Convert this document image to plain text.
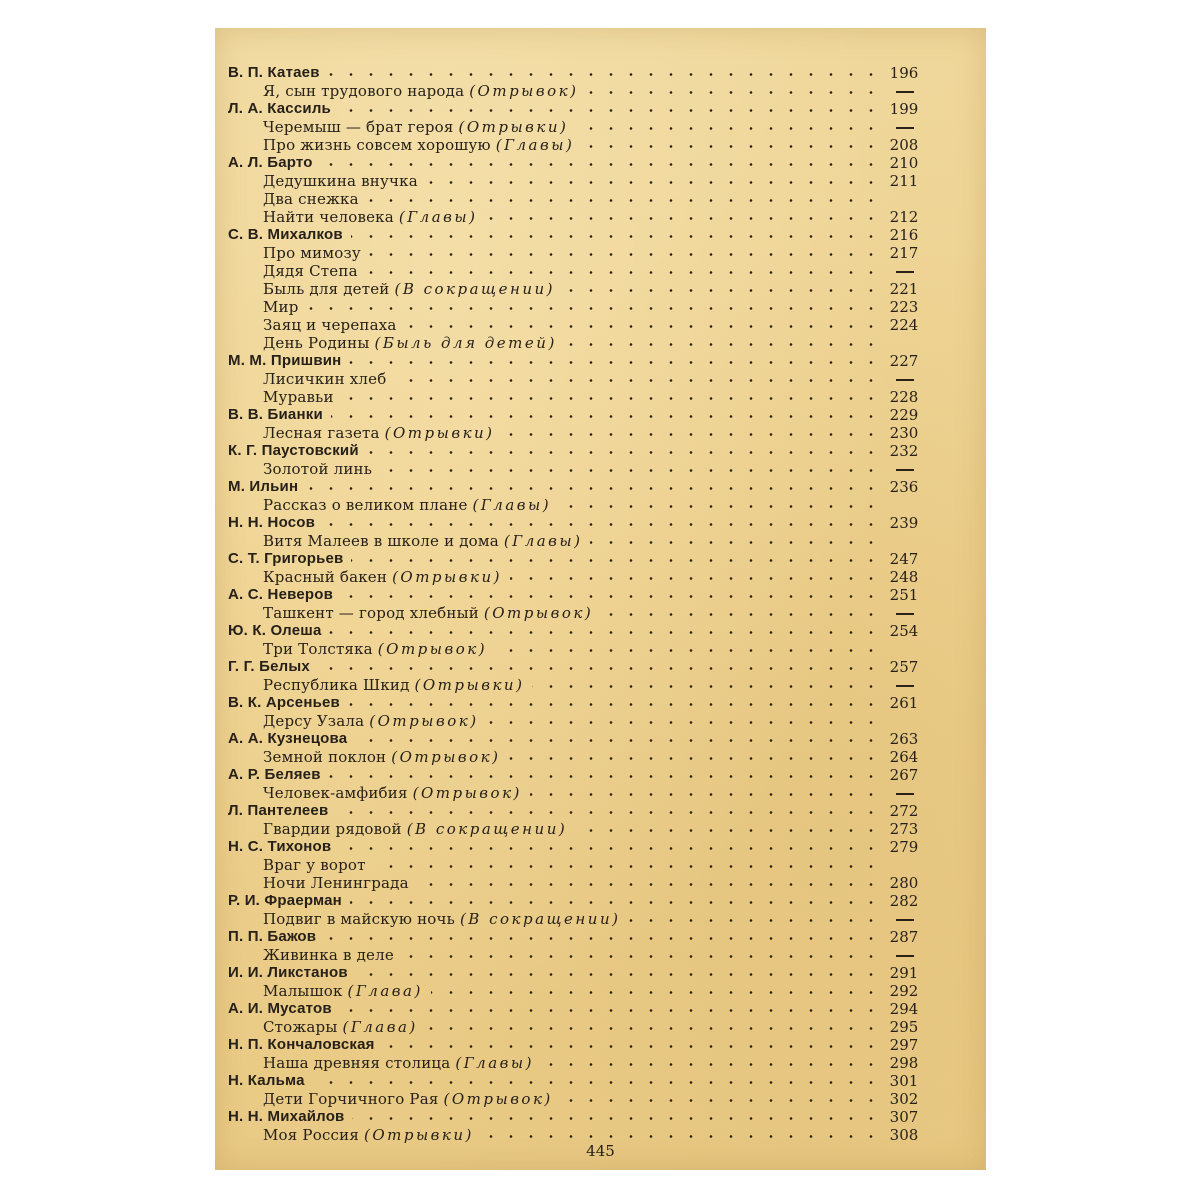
В. П. Катаев	196
Я, сын трудового народа (Отрывок)
Л. А. Кассиль	199
Черемыш — брат героя (Отрывки)
Про жизнь совсем хорошую (Главы)	208
А. Л. Барто	210
Дедушкина внучка	211
Два снежка
Найти человека (Главы)	212
С. В. Михалков	216
Про мимозу	217
Дядя Степа
Быль для детей (В сокращении)	221
Мир	223
Заяц и черепаха	224
День Родины (Быль для детей)
М. М. Пришвин	227
Лисичкин хлеб
Муравьи	228
В. В. Бианки	229
Лесная газета (Отрывки)	230
К. Г. Паустовский	232
Золотой линь
М. Ильин	236
Рассказ о великом плане (Главы)
Н. Н. Носов	239
Витя Малеев в школе и дома (Главы)
С. Т. Григорьев	247
Красный бакен (Отрывки)	248
А. С. Неверов	251
Ташкент — город хлебный (Отрывок)
Ю. К. Олеша	254
Три Толстяка (Отрывок)
Г. Г. Белых	257
Республика Шкид (Отрывки)
В. К. Арсеньев	261
Дерсу Узала (Отрывок)
А. А. Кузнецова	263
Земной поклон (Отрывок)	264
А. Р. Беляев	267
Человек-амфибия (Отрывок)
Л. Пантелеев	272
Гвардии рядовой (В сокращении)	273
Н. С. Тихонов	279
Враг у ворот
Ночи Ленинграда	280
Р. И. Фраерман	282
Подвиг в майскую ночь (В сокращении)
П. П. Бажов	287
Живинка в деле
И. И. Ликстанов	291
Малышок (Глава)	292
А. И. Мусатов	294
Стожары (Глава)	295
Н. П. Кончаловская	297
Наша древняя столица (Главы)	298
Н. Кальма	301
Дети Горчичного Рая (Отрывок)	302
Н. Н. Михайлов	307
Моя Россия (Отрывки)	308
445
